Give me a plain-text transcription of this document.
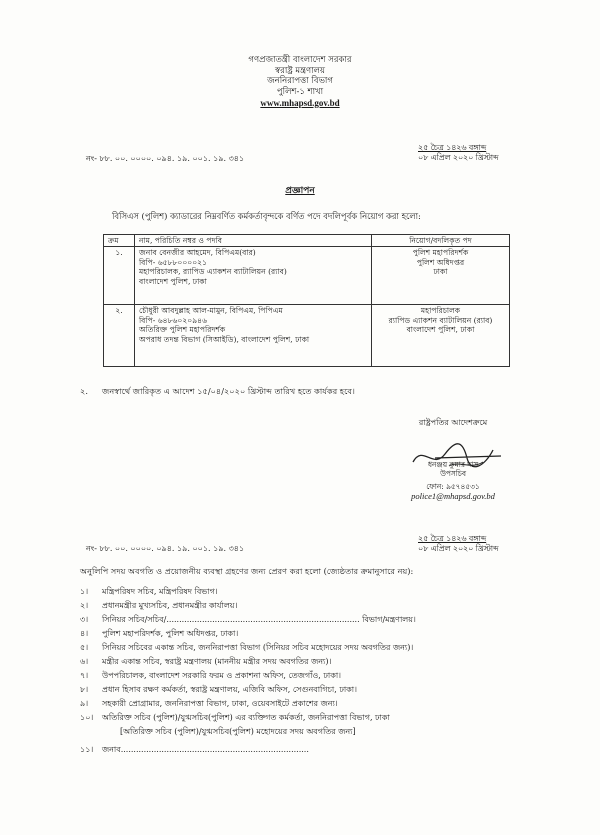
গণপ্রজাতন্ত্রী বাংলাদেশ সরকার
স্বরাষ্ট্র মন্ত্রণালয়
জননিরাপত্তা বিভাগ
পুলিশ-১ শাখা
www.mhapsd.gov.bd
নং- ৮৮. ০০. ০০০০. ০৯৪. ১৯. ০০১. ১৯. ৩৪১
২৫ চৈত্র ১৪২৬ বঙ্গাব্দ
০৮ এপ্রিল ২০২০ খ্রিস্টাব্দ
প্রজ্ঞাপন
বিসিএস (পুলিশ) ক্যাডারের নিম্নবর্ণিত কর্মকর্তাবৃন্দকে বর্ণিত পদে বদলিপূর্বক নিয়োগ করা হলো:
ক্রম	নাম, পরিচিতি নম্বর ও পদবি	নিয়োগ/বদলিকৃত পদ
১.	জনাব বেনজীর আহমেদ, বিপিএম(বার)
বিপি- ৬৫৮৮০০০০২১
মহাপরিচালক, র‍্যাপিড এ্যাকশন ব্যাটালিয়ন (র‍্যাব)
বাংলাদেশ পুলিশ, ঢাকা	পুলিশ মহাপরিদর্শক
পুলিশ অধিদপ্তর
ঢাকা

২.	চৌধুরী আবদুল্লাহ আল-মামুন, বিপিএম, পিপিএম
বিপি- ৬৪৮৬০২০৯৪৬
অতিরিক্ত পুলিশ মহাপরিদর্শক
অপরাধ তদন্ত বিভাগ (সিআইডি), বাংলাদেশ পুলিশ, ঢাকা	মহাপরিচালক
র‍্যাপিড এ্যাকশন ব্যাটালিয়ন (র‍্যাব)
বাংলাদেশ পুলিশ, ঢাকা
২. জনস্বার্থে জারিকৃত এ আদেশ ১৫/০৪/২০২০ খ্রিস্টাব্দ তারিখ হতে কার্যকর হবে।
রাষ্ট্রপতির আদেশক্রমে
ধনঞ্জয় কুমার দাস
উপসচিব
ফোন: ৯৫৭৪৫৩১
police1@mhapsd.gov.bd
নং- ৮৮. ০০. ০০০০. ০৯৪. ১৯. ০০১. ১৯. ৩৪১
২৫ চৈত্র ১৪২৬ বঙ্গাব্দ
০৮ এপ্রিল ২০২০ খ্রিস্টাব্দ
অনুলিপি সদয় অবগতি ও প্রয়োজনীয় ব্যবস্থা গ্রহণের জন্য প্রেরণ করা হলো (জ্যেষ্ঠতার ক্রমানুসারে নয়):
১। মন্ত্রিপরিষদ সচিব, মন্ত্রিপরিষদ বিভাগ।
২। প্রধানমন্ত্রীর মুখ্যসচিব, প্রধানমন্ত্রীর কার্যালয়।
৩। সিনিয়র সচিব/সচিব/............................................................................ বিভাগ/মন্ত্রণালয়।
৪। পুলিশ মহাপরিদর্শক, পুলিশ অধিদপ্তর, ঢাকা।
৫। সিনিয়র সচিবের একান্ত সচিব, জননিরাপত্তা বিভাগ (সিনিয়র সচিব মহোদয়ের সদয় অবগতির জন্য)।
৬। মন্ত্রীর একান্ত সচিব, স্বরাষ্ট্র মন্ত্রণালয় (মাননীয় মন্ত্রীর সদয় অবগতির জন্য)।
৭। উপপরিচালক, বাংলাদেশ সরকারি ফরম ও প্রকাশনা অফিস, তেজগাঁও, ঢাকা।
৮। প্রধান হিসাব রক্ষণ কর্মকর্তা, স্বরাষ্ট্র মন্ত্রণালয়, এজিবি অফিস, সেগুনবাগিচা, ঢাকা।
৯। সহকারী প্রোগ্রামার, জননিরাপত্তা বিভাগ, ঢাকা, ওয়েবসাইটে প্রকাশের জন্য।
১০। অতিরিক্ত সচিব (পুলিশ)/যুগ্মসচিব(পুলিশ) এর ব্যক্তিগত কর্মকর্তা, জননিরাপত্তা বিভাগ, ঢাকা
[অতিরিক্ত সচিব (পুলিশ)/যুগ্মসচিব(পুলিশ) মহোদয়ের সদয় অবগতির জন্য]
১১। জনাব..........................................................................
